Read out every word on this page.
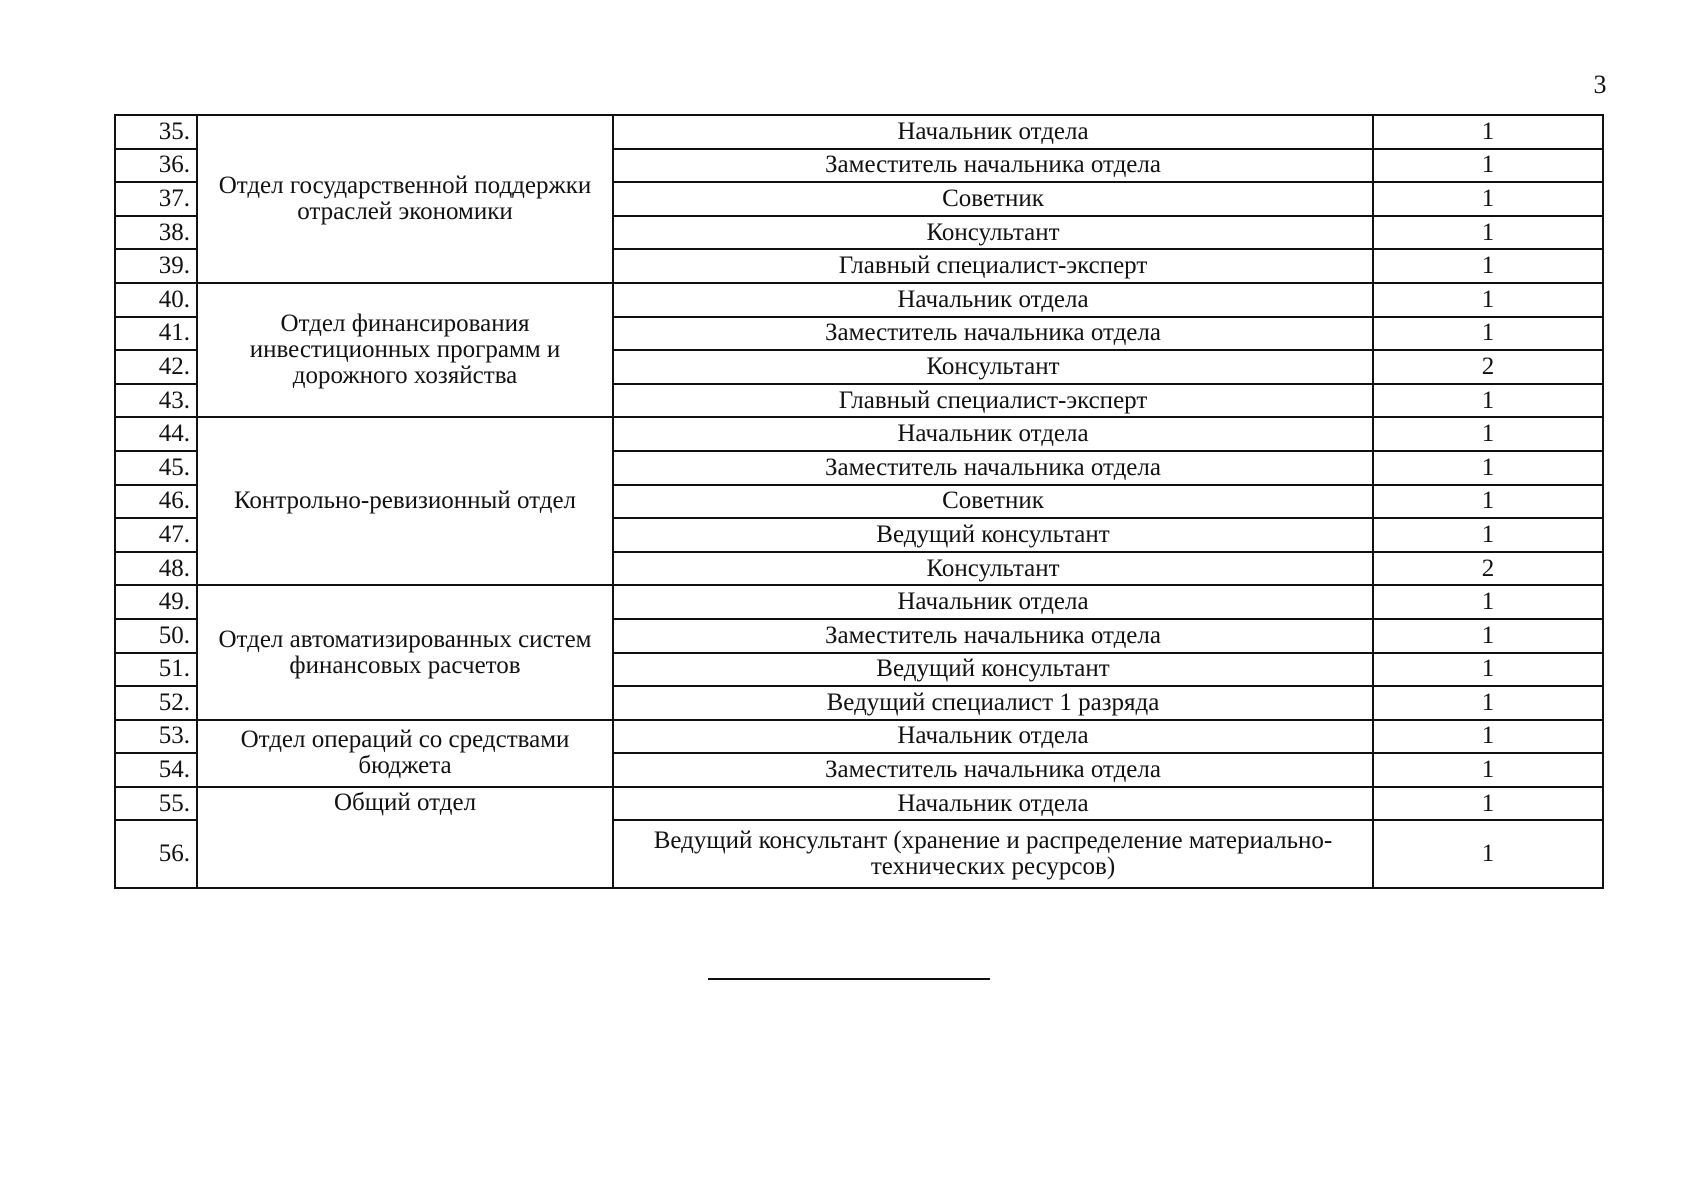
3
35.	Отдел государственной поддержки отраслей экономики	Начальник отдела	1
36.		Заместитель начальника отдела	1
37.		Советник	1
38.		Консультант	1
39.		Главный специалист-эксперт	1
40.	Отдел финансирования инвестиционных программ и дорожного хозяйства	Начальник отдела	1
41.		Заместитель начальника отдела	1
42.		Консультант	2
43.		Главный специалист-эксперт	1
44.	Контрольно-ревизионный отдел	Начальник отдела	1
45.		Заместитель начальника отдела	1
46.		Советник	1
47.		Ведущий консультант	1
48.		Консультант	2
49.	Отдел автоматизированных систем финансовых расчетов	Начальник отдела	1
50.		Заместитель начальника отдела	1
51.		Ведущий консультант	1
52.		Ведущий специалист 1 разряда	1
53.	Отдел операций со средствами бюджета	Начальник отдела	1
54.		Заместитель начальника отдела	1
55.	Общий отдел	Начальник отдела	1
56.		Ведущий консультант (хранение и распределение материально-технических ресурсов)	1
